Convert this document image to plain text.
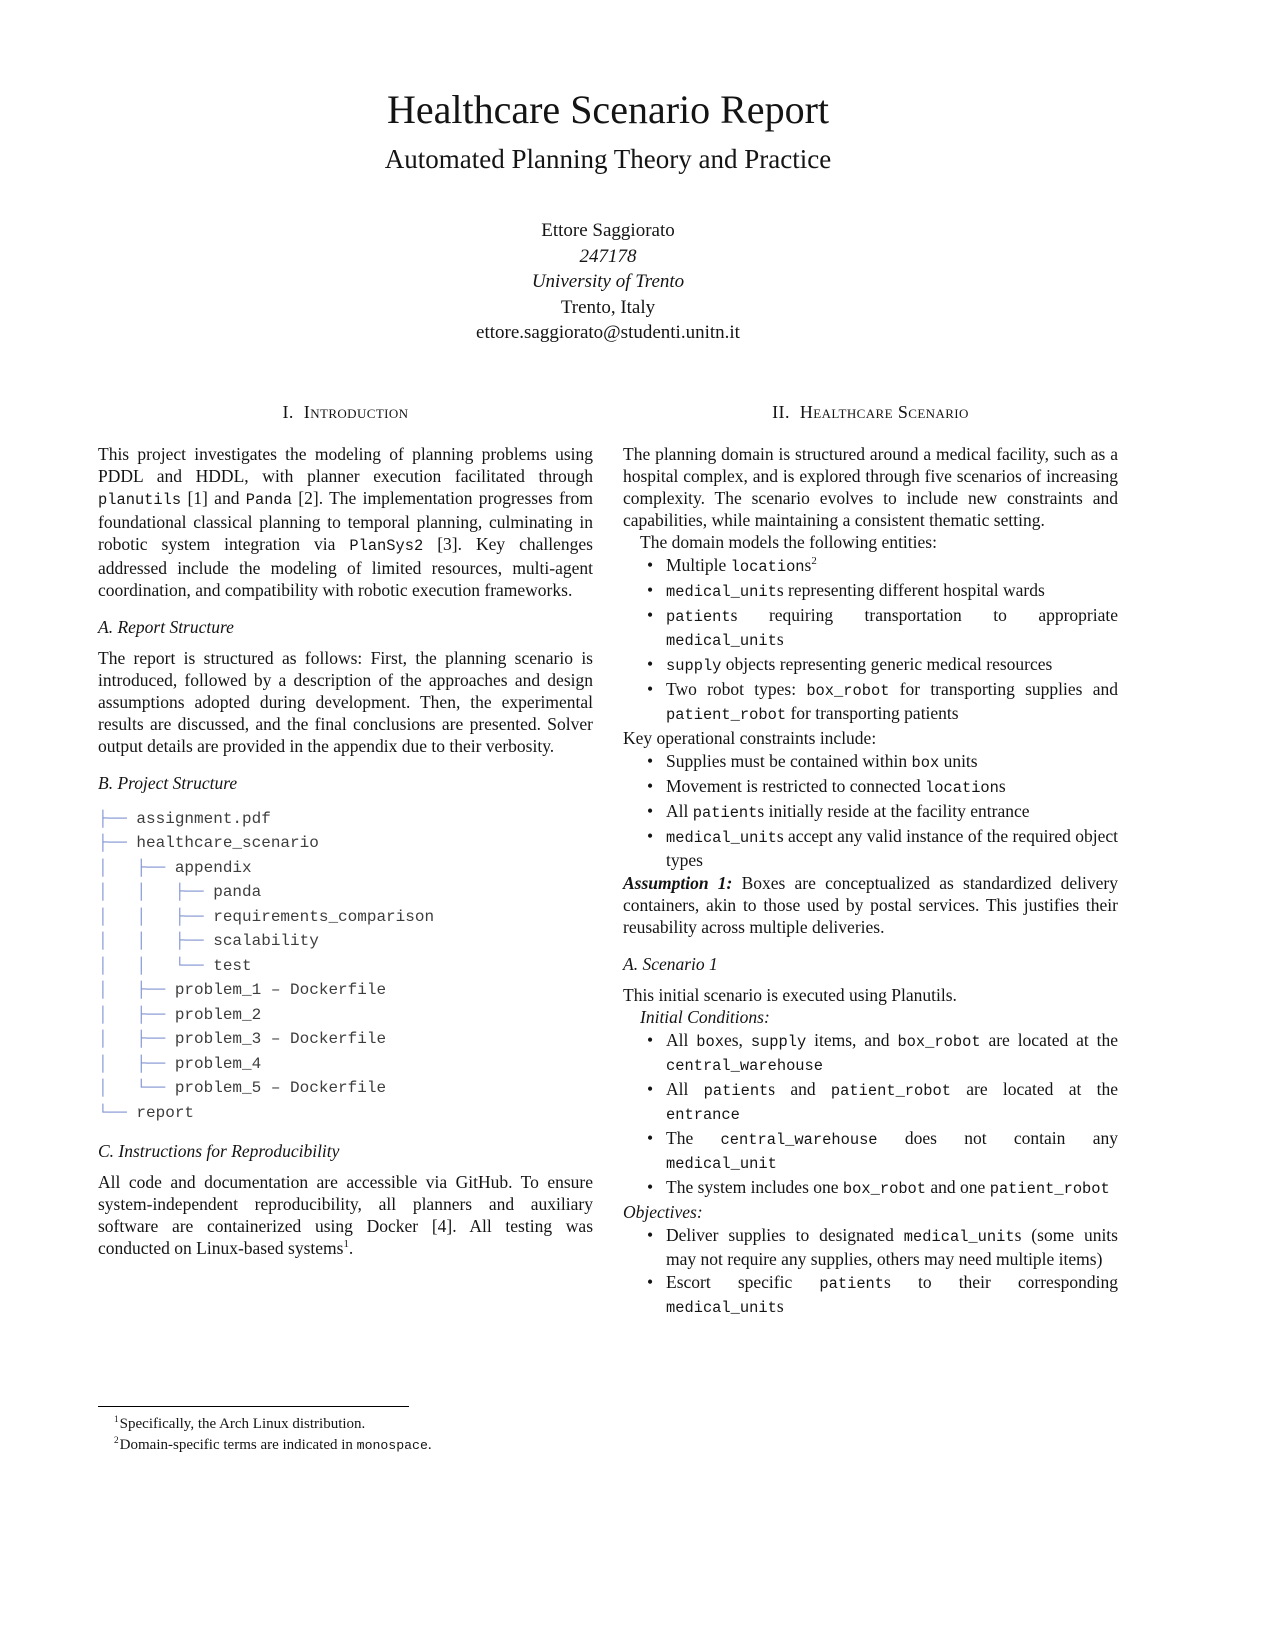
Healthcare Scenario Report
Automated Planning Theory and Practice
Ettore Saggiorato
247178
University of Trento
Trento, Italy
ettore.saggiorato@studenti.unitn.it
I. Introduction

This project investigates the modeling of planning problems using PDDL and HDDL, with planner execution facilitated through planutils [1] and Panda [2]. The implementation progresses from foundational classical planning to temporal planning, culminating in robotic system integration via PlanSys2 [3]. Key challenges addressed include the modeling of limited resources, multi-agent coordination, and compatibility with robotic execution frameworks.

A. Report Structure

The report is structured as follows: First, the planning scenario is introduced, followed by a description of the approaches and design assumptions adopted during development. Then, the experimental results are discussed, and the final conclusions are presented. Solver output details are provided in the appendix due to their verbosity.

B. Project Structure
├── assignment.pdf
├── healthcare_scenario
│   ├── appendix
│   │   ├── panda
│   │   ├── requirements_comparison
│   │   ├── scalability
│   │   └── test
│   ├── problem_1 – Dockerfile
│   ├── problem_2
│   ├── problem_3 – Dockerfile
│   ├── problem_4
│   └── problem_5 – Dockerfile
└── report
C. Instructions for Reproducibility

All code and documentation are accessible via GitHub. To ensure system-independent reproducibility, all planners and auxiliary software are containerized using Docker [4]. All testing was conducted on Linux-based systems$^1$.

$^1$Specifically, the Arch Linux distribution.
$^2$Domain-specific terms are indicated in monospace.
II. Healthcare Scenario

The planning domain is structured around a medical facility, such as a hospital complex, and is explored through five scenarios of increasing complexity. The scenario evolves to include new constraints and capabilities, while maintaining a consistent thematic setting.

The domain models the following entities:

• Multiple locations$^2$
• medical_units representing different hospital wards
• patients requiring transportation to appropriate medical_units
• supply objects representing generic medical resources
• Two robot types: box_robot for transporting supplies and patient_robot for transporting patients

Key operational constraints include:

• Supplies must be contained within box units
• Movement is restricted to connected locations
• All patients initially reside at the facility entrance
• medical_units accept any valid instance of the required object types

Assumption 1: Boxes are conceptualized as standardized delivery containers, akin to those used by postal services. This justifies their reusability across multiple deliveries.

A. Scenario 1

This initial scenario is executed using Planutils.

Initial Conditions:

• All boxes, supply items, and box_robot are located at the central_warehouse
• All patients and patient_robot are located at the entrance
• The central_warehouse does not contain any medical_unit
• The system includes one box_robot and one patient_robot

Objectives:

• Deliver supplies to designated medical_units (some units may not require any supplies, others may need multiple items)
• Escort specific patients to their corresponding medical_units
